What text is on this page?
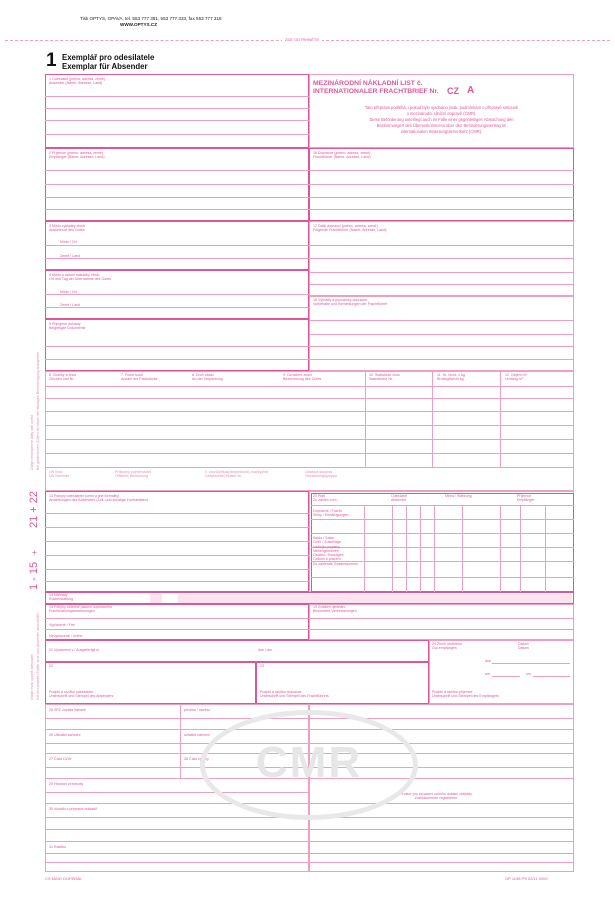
Tisk OPTYS, OPAVA, tel. 553 777 381, 553 777 333, fax 553 777 318
WWW.OPTYS.CZ
ZDE ODTRHNĚTE
1 Exemplář pro odesilatele
Exemplar für Absender
MEZINÁRODNÍ NÁKLADNÍ LIST č.
INTERNATIONALER FRACHTBRIEF Nr. CZ A
Tato přeprava podléhá, i pokud bylo ujednáno jinak, podmínkám o přepravě smlouvě
o mezinárodní silniční dopravě (CMR).
Diese Beförderung unterliegt auch im Falle einer gegenteiligen Abmachung den
Bestimmungen des Übereinkommens über den Beförderungsvertrag im
internationalen Strassengüterverkehr (CMR).
1 Odesílatel (jméno, adresa, země)
Absender (Name, Adresse, Land)
2 Příjemce (jméno, adresa, země)
Empfänger (Name, Adresse, Land)
3 Místo vykládky zboží
Auslieferort des Gutes
Místo / Ort
Země / Land
4 Místo a datum nakládky zboží
Ort und Tag der Übernahme des Gutes
Místo / Ort
Země / Land
5 Připojené doklady
Beigefügte Dokumente
16 Dopravce (jméno, adresa, země)
Frachtführer (Name, Adresse, Land)
17 Další dopravci (jméno, adresa, země)
Folgende Frachtführer (Name, Adresse, Land)
18 Výhrady a poznámky dopravce
Vorbehalte und Bemerkungen der Frachtführer
6 Značky a čísla
Zeichen und Nr.
7 Počet kusů
Anzahl der Packstücke
8 Druh obalu
Art der Verpackung
9 Označení zboží
Bezeichnung des Gutes
10 Statistické číslo
Statistische Nr.
11 Hr. hmot. v kg
Bruttogewicht kg
12 Objem m³
Umfang m³
UN číslo
UN Nummer
Příslušný pojmenování
Offizielle Benennung
č. vzorů/příkaz(bezpečnost) značky(list)
Gefahrzettel Muster Nr.
Obalová skupina
Verpackungsgruppe
13 Pokyny odesílatele (celní a jiné formality)
Anweisungen des Absenders (Zoll- und sonstige Formalitäten)
20 Platí
Zu zahlen vom
Odesílatel
Absender
Měna / Währung	Příjemce
Empfänger
Dopravné / Fracht
Slevy / Ermäßigungen
Saldo / Saldo
Celní / Zuschläge
Vedlejší poplatky
Nebengebühren
Ostatní / Sonstiges
Celkem k placení
Zu zahlende Gesamtsumme
14 Náhrady
Rückerstattung
15 Pokyny ohledně placení dopravného
Frachtzahlungsanweisungen
Vyplaceně / Frei
Nevyplaceně / Unfrei
19 Zvláštní ujednání
Besondere Vereinbarungen
21 Vystaveno v / Ausgefertigt in	dne / am
22
Podpis a razítko odesílatele
Unterschrift und Stempel des Absenders
23
Podpis a razítko dopravce
Unterschrift und Stempel des Frachtführers
24 Zboží obdrženo
Gut empfangen
Datum
Datum
dne
am	um
Podpis a razítko příjemce
Unterschrift und Stempel des Empfängers
25 SPZ vozidla /tahače	přívěsu / návěsu
26 Uživatel zařízení	uživatel zařízení
27 Číslo DZW	28 Číslo zprávy
29 Hranicní přechody
30 Vozidlo k přepravě dokladů
31 Razítko
Prostor pro označení celního doklad, doklady
Zolldokumente registrieren
CMR
Údaje nebezpečné látky zde uvést Bei gefährlichen Gütern ist neben der etwaigen Bescheinigung anzugeben:
Údaje musí vyplnit odesílatel Die umrandeten Felder sind vom Absender auszufüllen
1 - 15
+
21 + 22
CS MAIO DOFINMA	OP 1198 PS 02/11 0/0/0
